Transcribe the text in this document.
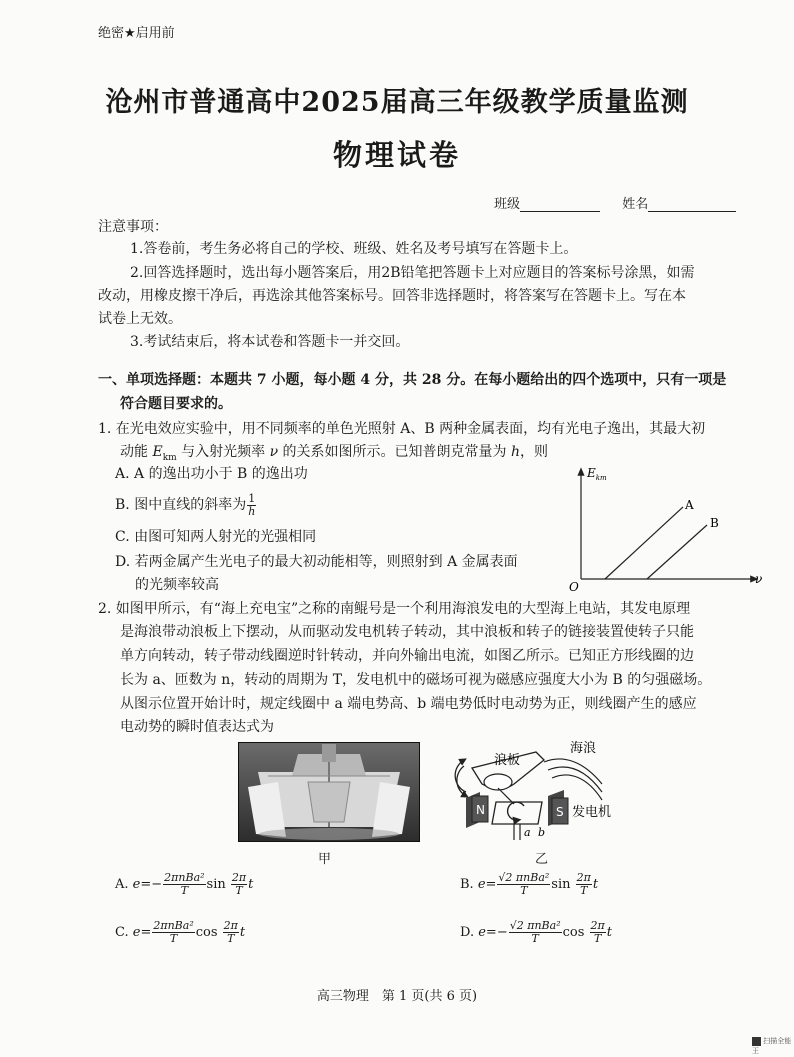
绝密★启用前
沧州市普通高中2025届高三年级教学质量监测
物理试卷
班级	姓名
注意事项：
1.答卷前，考生务必将自己的学校、班级、姓名及考号填写在答题卡上。
2.回答选择题时，选出每小题答案后，用2B铅笔把答题卡上对应题目的答案标号涂黑，如需
改动，用橡皮擦干净后，再选涂其他答案标号。回答非选择题时，将答案写在答题卡上。写在本
试卷上无效。
3.考试结束后，将本试卷和答题卡一并交回。
一、单项选择题：本题共 7 小题，每小题 4 分，共 28 分。在每小题给出的四个选项中，只有一项是
符合题目要求的。
1. 在光电效应实验中，用不同频率的单色光照射 A、B 两种金属表面，均有光电子逸出，其最大初
动能 $E_{km}$ 与入射光频率 ν 的关系如图所示。已知普朗克常量为 h，则
A. A 的逸出功小于 B 的逸出功
B. 图中直线的斜率为 $\frac{1}{h}$
C. 由图可知两人射光的光强相同
D. 若两金属产生光电子的最大初动能相等，则照射到 A 金属表面
的光频率较高
$E_{km}$
ν
O
A
B
2. 如图甲所示，有“海上充电宝”之称的南鲲号是一个利用海浪发电的大型海上电站，其发电原理
是海浪带动浪板上下摆动，从而驱动发电机转子转动，其中浪板和转子的链接装置使转子只能
单方向转动，转子带动线圈逆时针转动，并向外输出电流，如图乙所示。已知正方形线圈的边
长为 a、匝数为 n，转动的周期为 T，发电机中的磁场可视为磁感应强度大小为 B 的匀强磁场。
从图示位置开始计时，规定线圈中 a 端电势高、b 端电势低时电动势为正，则线圈产生的感应
电动势的瞬时值表达式为
甲
N	S
a b
浪板
海浪
发电机
乙
A. $e=- \frac{\text{2πnBa²}}{T}$ $\sin \frac{2\pi}{T}$ t	B. $e= \frac{\text{√2 πnBa²}}{T}$ $\sin \frac{2\pi}{T}$ t
C. $e= \frac{\text{2πnBa²}}{T}$ $\cos \frac{2\pi}{T}$ t	D. $e=- \frac{\text{√2 πnBa²}}{T}$ $\cos \frac{2\pi}{T}$ t
高三物理　第 1 页(共 6 页)
扫描全能王
